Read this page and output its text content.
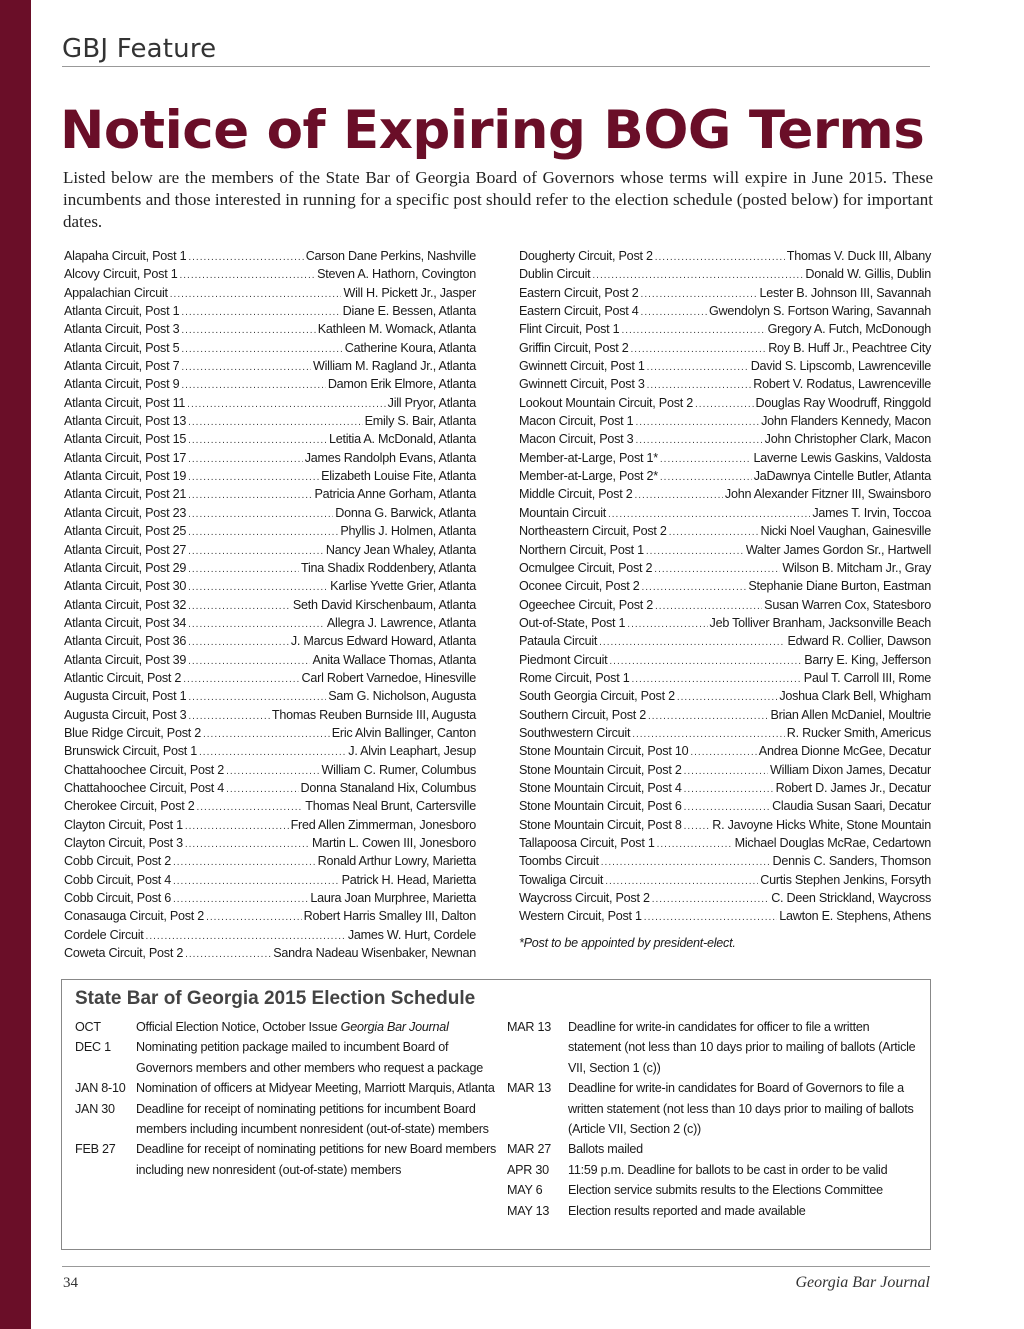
GBJ Feature
Notice of Expiring BOG Terms

Listed below are the members of the State Bar of Georgia Board of Governors whose terms will expire in June 2015. These incumbents and those interested in running for a specific post should refer to the election schedule (posted below) for important dates.

Alapaha Circuit, Post 1 .....	Carson Dane Perkins, Nashville
Alcovy Circuit, Post 1 .....	Steven A. Hathorn, Covington
Appalachian Circuit .....	Will H. Pickett Jr., Jasper
Atlanta Circuit, Post 1 .....	Diane E. Bessen, Atlanta
Atlanta Circuit, Post 3 .....	Kathleen M. Womack, Atlanta
Atlanta Circuit, Post 5 .....	Catherine Koura, Atlanta
Atlanta Circuit, Post 7 .....	William M. Ragland Jr., Atlanta
Atlanta Circuit, Post 9 .....	Damon Erik Elmore, Atlanta
Atlanta Circuit, Post 11 .....	Jill Pryor, Atlanta
Atlanta Circuit, Post 13 .....	Emily S. Bair, Atlanta
Atlanta Circuit, Post 15 .....	Letitia A. McDonald, Atlanta
Atlanta Circuit, Post 17 .....	James Randolph Evans, Atlanta
Atlanta Circuit, Post 19 .....	Elizabeth Louise Fite, Atlanta
Atlanta Circuit, Post 21 .....	Patricia Anne Gorham, Atlanta
Atlanta Circuit, Post 23 .....	Donna G. Barwick, Atlanta
Atlanta Circuit, Post 25 .....	Phyllis J. Holmen, Atlanta
Atlanta Circuit, Post 27 .....	Nancy Jean Whaley, Atlanta
Atlanta Circuit, Post 29 .....	Tina Shadix Roddenbery, Atlanta
Atlanta Circuit, Post 30 .....	Karlise Yvette Grier, Atlanta
Atlanta Circuit, Post 32 .....	Seth David Kirschenbaum, Atlanta
Atlanta Circuit, Post 34 .....	Allegra J. Lawrence, Atlanta
Atlanta Circuit, Post 36 .....	J. Marcus Edward Howard, Atlanta
Atlanta Circuit, Post 39 .....	Anita Wallace Thomas, Atlanta
Atlantic Circuit, Post 2 .....	Carl Robert Varnedoe, Hinesville
Augusta Circuit, Post 1 .....	Sam G. Nicholson, Augusta
Augusta Circuit, Post 3 .....	Thomas Reuben Burnside III, Augusta
Blue Ridge Circuit, Post 2 .....	Eric Alvin Ballinger, Canton
Brunswick Circuit, Post 1 .....	J. Alvin Leaphart, Jesup
Chattahoochee Circuit, Post 2 .....	William C. Rumer, Columbus
Chattahoochee Circuit, Post 4 .....	Donna Stanaland Hix, Columbus
Cherokee Circuit, Post 2 .....	Thomas Neal Brunt, Cartersville
Clayton Circuit, Post 1 .....	Fred Allen Zimmerman, Jonesboro
Clayton Circuit, Post 3 .....	Martin L. Cowen III, Jonesboro
Cobb Circuit, Post 2 .....	Ronald Arthur Lowry, Marietta
Cobb Circuit, Post 4 .....	Patrick H. Head, Marietta
Cobb Circuit, Post 6 .....	Laura Joan Murphree, Marietta
Conasauga Circuit, Post 2 .....	Robert Harris Smalley III, Dalton
Cordele Circuit .....	James W. Hurt, Cordele
Coweta Circuit, Post 2 .....	Sandra Nadeau Wisenbaker, Newnan
Dougherty Circuit, Post 2 .....	Thomas V. Duck III, Albany
Dublin Circuit .....	Donald W. Gillis, Dublin
Eastern Circuit, Post 2 .....	Lester B. Johnson III, Savannah
Eastern Circuit, Post 4 .....	Gwendolyn S. Fortson Waring, Savannah
Flint Circuit, Post 1 .....	Gregory A. Futch, McDonough
Griffin Circuit, Post 2 .....	Roy B. Huff Jr., Peachtree City
Gwinnett Circuit, Post 1 .....	David S. Lipscomb, Lawrenceville
Gwinnett Circuit, Post 3 .....	Robert V. Rodatus, Lawrenceville
Lookout Mountain Circuit, Post 2 .....	Douglas Ray Woodruff, Ringgold
Macon Circuit, Post 1 .....	John Flanders Kennedy, Macon
Macon Circuit, Post 3 .....	John Christopher Clark, Macon
Member-at-Large, Post 1* .....	Laverne Lewis Gaskins, Valdosta
Member-at-Large, Post 2* .....	JaDawnya Cintelle Butler, Atlanta
Middle Circuit, Post 2 .....	John Alexander Fitzner III, Swainsboro
Mountain Circuit .....	James T. Irvin, Toccoa
Northeastern Circuit, Post 2 .....	Nicki Noel Vaughan, Gainesville
Northern Circuit, Post 1 .....	Walter James Gordon Sr., Hartwell
Ocmulgee Circuit, Post 2 .....	Wilson B. Mitcham Jr., Gray
Oconee Circuit, Post 2 .....	Stephanie Diane Burton, Eastman
Ogeechee Circuit, Post 2 .....	Susan Warren Cox, Statesboro
Out-of-State, Post 1 .....	Jeb Tolliver Branham, Jacksonville Beach
Pataula Circuit .....	Edward R. Collier, Dawson
Piedmont Circuit .....	Barry E. King, Jefferson
Rome Circuit, Post 1 .....	Paul T. Carroll III, Rome
South Georgia Circuit, Post 2 .....	Joshua Clark Bell, Whigham
Southern Circuit, Post 2 .....	Brian Allen McDaniel, Moultrie
Southwestern Circuit .....	R. Rucker Smith, Americus
Stone Mountain Circuit, Post 10 .....	Andrea Dionne McGee, Decatur
Stone Mountain Circuit, Post 2 .....	William Dixon James, Decatur
Stone Mountain Circuit, Post 4 .....	Robert D. James Jr., Decatur
Stone Mountain Circuit, Post 6 .....	Claudia Susan Saari, Decatur
Stone Mountain Circuit, Post 8 ..... R. Javoyne Hicks White, Stone Mountain
Tallapoosa Circuit, Post 1 .....	Michael Douglas McRae, Cedartown
Toombs Circuit .....	Dennis C. Sanders, Thomson
Towaliga Circuit .....	Curtis Stephen Jenkins, Forsyth
Waycross Circuit, Post 2 .....	C. Deen Strickland, Waycross
Western Circuit, Post 1 .....	Lawton E. Stephens, Athens

*Post to be appointed by president-elect.

State Bar of Georgia 2015 Election Schedule
OCT	Official Election Notice, October Issue Georgia Bar Journal
DEC 1	Nominating petition package mailed to incumbent Board of Governors members and other members who request a package
JAN 8-10 Nomination of officers at Midyear Meeting, Marriott Marquis, Atlanta
JAN 30	Deadline for receipt of nominating petitions for incumbent Board members including incumbent nonresident (out-of-state) members
FEB 27	Deadline for receipt of nominating petitions for new Board members including new nonresident (out-of-state) members
MAR 13	Deadline for write-in candidates for officer to file a written statement (not less than 10 days prior to mailing of ballots (Article VII, Section 1 (c))
MAR 13	Deadline for write-in candidates for Board of Governors to file a written statement (not less than 10 days prior to mailing of ballots (Article VII, Section 2 (c))
MAR 27	Ballots mailed
APR 30	11:59 p.m. Deadline for ballots to be cast in order to be valid
MAY 6	Election service submits results to the Elections Committee
MAY 13	Election results reported and made available
34	Georgia Bar Journal
